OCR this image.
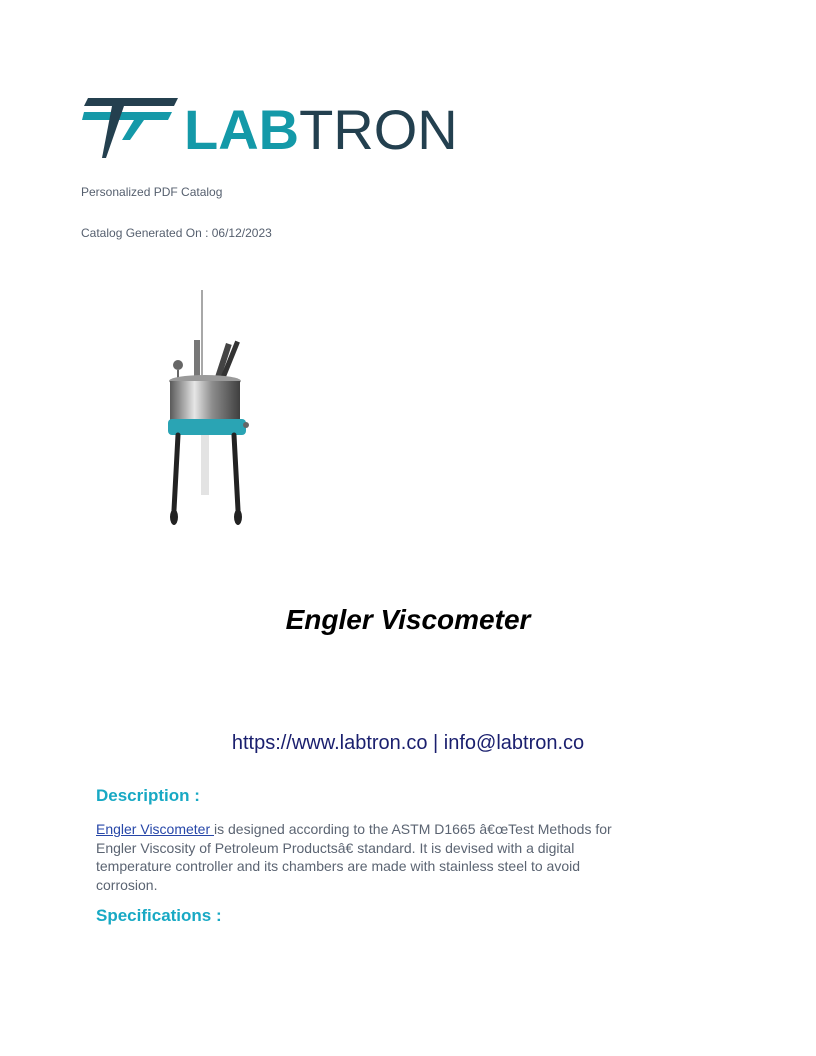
LABTRON
Personalized PDF Catalog
Catalog Generated On : 06/12/2023
Engler Viscometer
https://www.labtron.co | info@labtron.co
Description :
Engler Viscometer is designed according to the ASTM D1665 â€œTest Methods for Engler Viscosity of Petroleum Productsâ€ standard. It is devised with a digital temperature controller and its chambers are made with stainless steel to avoid corrosion.
Specifications :
